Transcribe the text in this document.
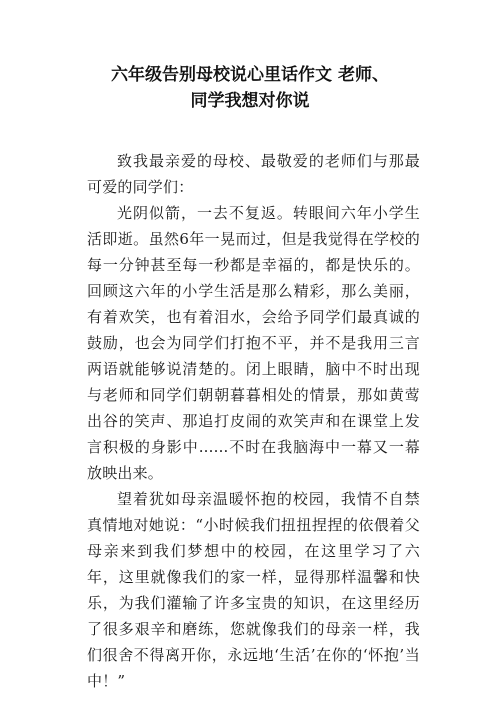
六年级告别母校说心里话作文 老师、
同学我想对你说

致我最亲爱的母校、最敬爱的老师们与那最可爱的同学们：

光阴似箭，一去不复返。转眼间六年小学生活即逝。虽然6年一晃而过，但是我觉得在学校的每一分钟甚至每一秒都是幸福的，都是快乐的。回顾这六年的小学生活是那么精彩，那么美丽，有着欢笑，也有着泪水，会给予同学们最真诚的鼓励，也会为同学们打抱不平，并不是我用三言两语就能够说清楚的。闭上眼睛，脑中不时出现与老师和同学们朝朝暮暮相处的情景，那如黄莺出谷的笑声、那追打皮闹的欢笑声和在课堂上发言积极的身影中......不时在我脑海中一幕又一幕放映出来。

望着犹如母亲温暖怀抱的校园，我情不自禁真情地对她说：“小时候我们扭扭捏捏的依偎着父母亲来到我们梦想中的校园，在这里学习了六年，这里就像我们的家一样，显得那样温馨和快乐，为我们灌输了许多宝贵的知识，在这里经历了很多艰辛和磨练，您就像我们的母亲一样，我们很舍不得离开你，永远地‘生活’在你的‘怀抱’当中！”
